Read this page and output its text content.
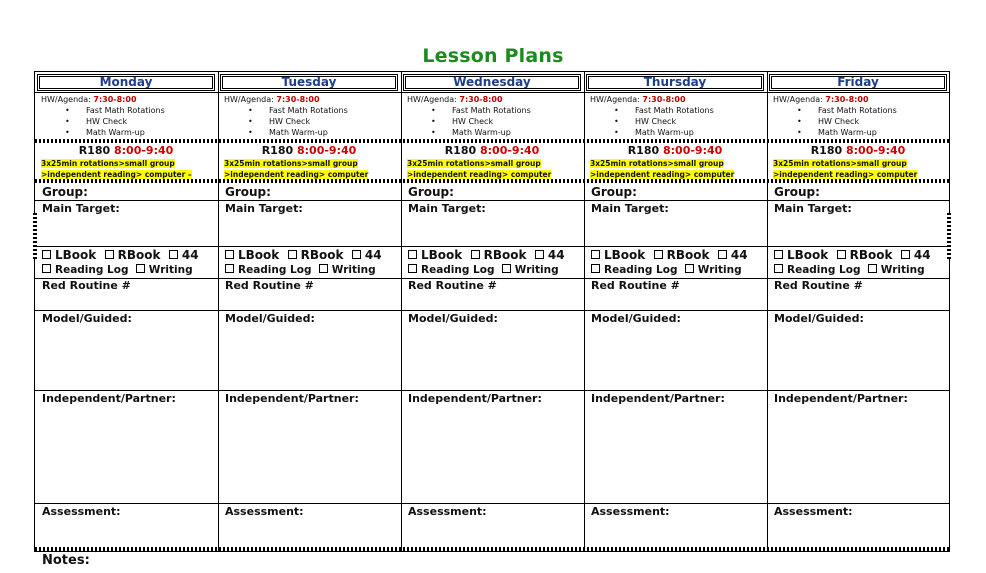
Lesson Plans
Monday
HW/Agenda: 7:30-8:00
• Fast Math Rotations
• HW Check
• Math Warm-up
R180 8:00-9:40
3x25min rotations>small group
>independent reading> computer –
Group:
Main Target:
LBook RBook 44
Reading Log Writing
Red Routine #
Model/Guided:
Independent/Partner:
Assessment:
Tuesday
HW/Agenda: 7:30-8:00
• Fast Math Rotations
• HW Check
• Math Warm-up
R180 8:00-9:40
3x25min rotations>small group
>independent reading> computer
Group:
Main Target:
LBook RBook 44
Reading Log Writing
Red Routine #
Model/Guided:
Independent/Partner:
Assessment:
Wednesday
HW/Agenda: 7:30-8:00
• Fast Math Rotations
• HW Check
• Math Warm-up
R180 8:00-9:40
3x25min rotations>small group
>independent reading> computer
Group:
Main Target:
LBook RBook 44
Reading Log Writing
Red Routine #
Model/Guided:
Independent/Partner:
Assessment:
Thursday
HW/Agenda: 7:30-8:00
• Fast Math Rotations
• HW Check
• Math Warm-up
R180 8:00-9:40
3x25min rotations>small group
>independent reading> computer
Group:
Main Target:
LBook RBook 44
Reading Log Writing
Red Routine #
Model/Guided:
Independent/Partner:
Assessment:
Friday
HW/Agenda: 7:30-8:00
• Fast Math Rotations
• HW Check
• Math Warm-up
R180 8:00-9:40
3x25min rotations>small group
>independent reading> computer
Group:
Main Target:
LBook RBook 44
Reading Log Writing
Red Routine #
Model/Guided:
Independent/Partner:
Assessment:
Notes:
